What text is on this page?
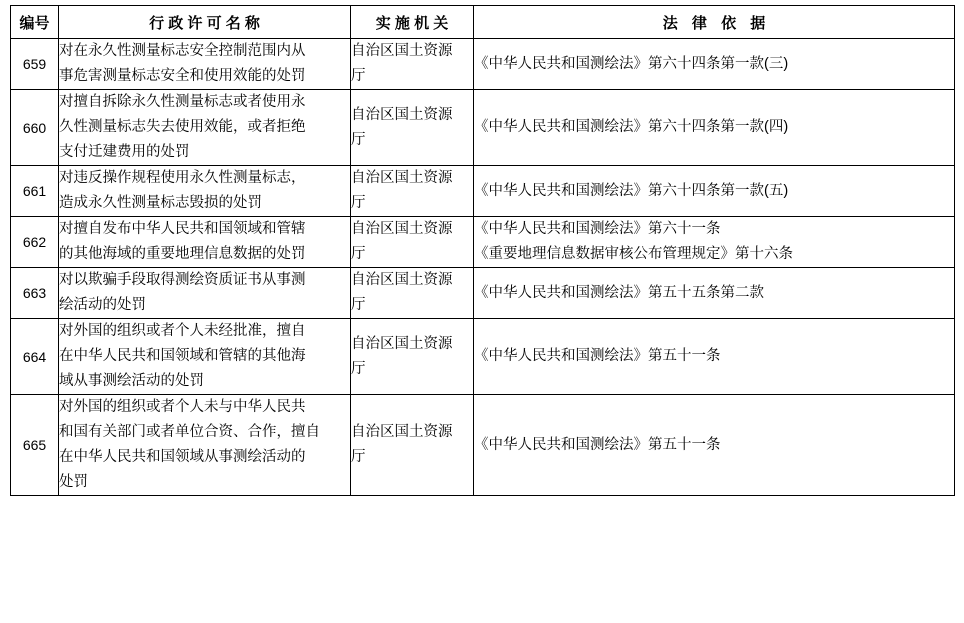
编号	行 政 许 可 名 称	实 施 机 关	法 律 依 据

659	对在永久性测量标志安全控制范围内从
事危害测量标志安全和使用效能的处罚	自治区国土资源
厅	《中华人民共和国测绘法》第六十四条第一款(三)

660	对擅自拆除永久性测量标志或者使用永
久性测量标志失去使用效能，或者拒绝
支付迁建费用的处罚	自治区国土资源
厅	《中华人民共和国测绘法》第六十四条第一款(四)

661	对违反操作规程使用永久性测量标志，
造成永久性测量标志毁损的处罚	自治区国土资源
厅	《中华人民共和国测绘法》第六十四条第一款(五)

662	对擅自发布中华人民共和国领域和管辖
的其他海域的重要地理信息数据的处罚	自治区国土资源
厅	《中华人民共和国测绘法》第六十一条
《重要地理信息数据审核公布管理规定》第十六条

663	对以欺骗手段取得测绘资质证书从事测
绘活动的处罚	自治区国土资源
厅	《中华人民共和国测绘法》第五十五条第二款

664	对外国的组织或者个人未经批准，擅自
在中华人民共和国领域和管辖的其他海
域从事测绘活动的处罚	自治区国土资源
厅	《中华人民共和国测绘法》第五十一条

665	对外国的组织或者个人未与中华人民共
和国有关部门或者单位合资、合作，擅自
在中华人民共和国领域从事测绘活动的
处罚	自治区国土资源
厅	《中华人民共和国测绘法》第五十一条
